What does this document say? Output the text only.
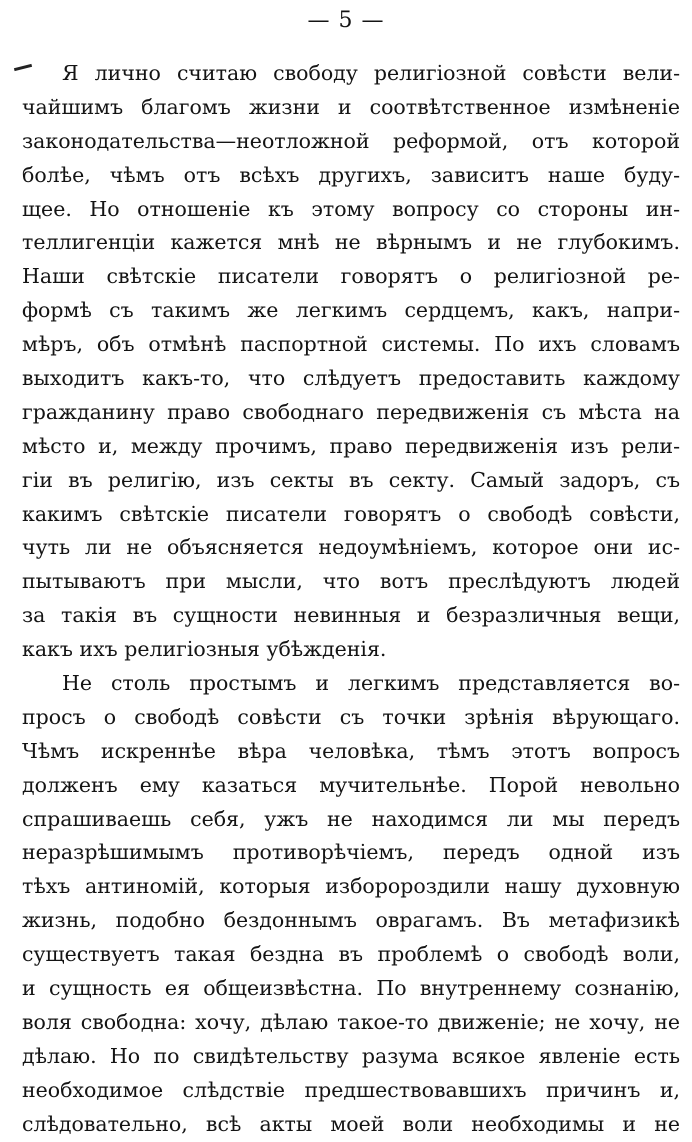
— 5 —
Я лично считаю свободу религіозной совѣсти вели-
чайшимъ благомъ жизни и соотвѣтственное измѣненіе
законодательства—неотложной реформой, отъ которой
болѣе, чѣмъ отъ всѣхъ другихъ, зависитъ наше буду-
щее. Но отношеніе къ этому вопросу со стороны ин-
теллигенціи кажется мнѣ не вѣрнымъ и не глубокимъ.
Наши свѣтскіе писатели говорятъ о религіозной ре-
формѣ съ такимъ же легкимъ сердцемъ, какъ, напри-
мѣръ, объ отмѣнѣ паспортной системы. По ихъ словамъ
выходитъ какъ-то, что слѣдуетъ предоставить каждому
гражданину право свободнаго передвиженія съ мѣста на
мѣсто и, между прочимъ, право передвиженія изъ рели-
гіи въ религію, изъ секты въ секту. Самый задоръ, съ
какимъ свѣтскіе писатели говорятъ о свободѣ совѣсти,
чуть ли не объясняется недоумѣніемъ, которое они ис-
пытываютъ при мысли, что вотъ преслѣдуютъ людей
за такія въ сущности невинныя и безразличныя вещи,
какъ ихъ религіозныя убѣжденія.
Не столь простымъ и легкимъ представляется во-
просъ о свободѣ совѣсти съ точки зрѣнія вѣрующаго.
Чѣмъ искреннѣе вѣра человѣка, тѣмъ этотъ вопросъ
долженъ ему казаться мучительнѣе. Порой невольно
спрашиваешь себя, ужъ не находимся ли мы передъ
неразрѣшимымъ противорѣчіемъ, передъ одной изъ
тѣхъ антиномій, которыя изборороздили нашу духовную
жизнь, подобно бездоннымъ оврагамъ. Въ метафизикѣ
существуетъ такая бездна въ проблемѣ о свободѣ воли,
и сущность ея общеизвѣстна. По внутреннему сознанію,
воля свободна: хочу, дѣлаю такое-то движеніе; не хочу, не
дѣлаю. Но по свидѣтельству разума всякое явленіе есть
необходимое слѣдствіе предшествовавшихъ причинъ и,
слѣдовательно, всѣ акты моей воли необходимы и не
